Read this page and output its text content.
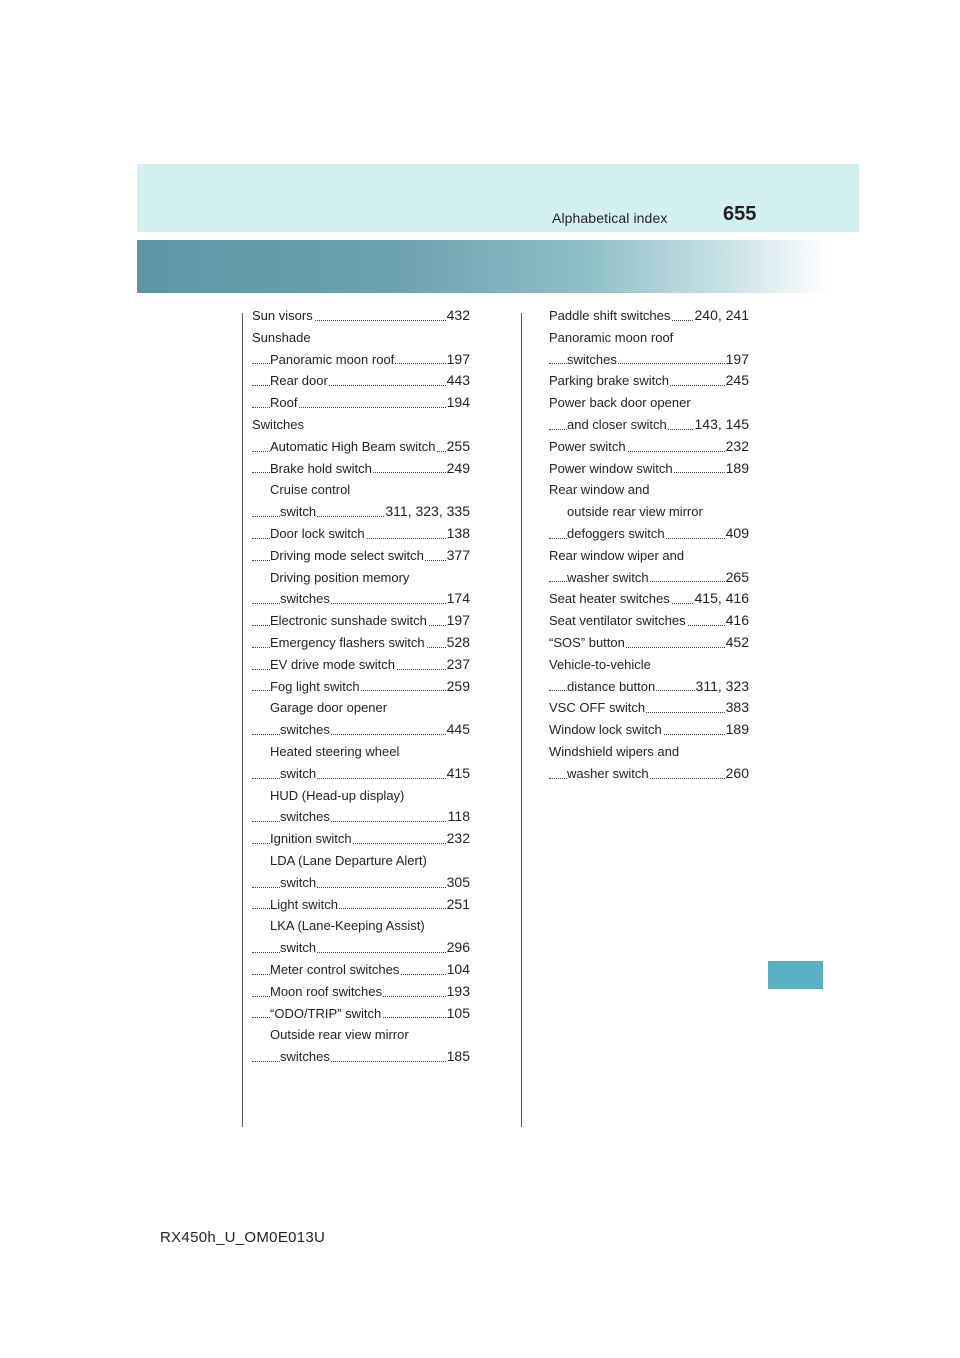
Alphabetical index	655
Sun visors	432
Sunshade
Panoramic moon roof	197
Rear door	443
Roof	194
Switches
Automatic High Beam switch 255
Brake hold switch	249
Cruise control
switch	311, 323, 335
Door lock switch	138
Driving mode select switch 377
Driving position memory
switches	174
Electronic sunshade switch 197
Emergency flashers switch 528
EV drive mode switch	237
Fog light switch	259
Garage door opener
switches	445
Heated steering wheel
switch	415
HUD (Head-up display)
switches	118
Ignition switch	232
LDA (Lane Departure Alert)
switch	305
Light switch	251
LKA (Lane-Keeping Assist)
switch	296
Meter control switches	104
Moon roof switches	193
“ODO/TRIP” switch	105
Outside rear view mirror
switches	185
Paddle shift switches 240, 241
Panoramic moon roof
switches	197
Parking brake switch	245
Power back door opener
and closer switch 143, 145
Power switch	232
Power window switch	189
Rear window and
outside rear view mirror
defoggers switch	409
Rear window wiper and
washer switch	265
Seat heater switches 415, 416
Seat ventilator switches	416
“SOS” button	452
Vehicle-to-vehicle
distance button	311, 323
VSC OFF switch	383
Window lock switch	189
Windshield wipers and
washer switch	260
RX450h_U_OM0E013U
